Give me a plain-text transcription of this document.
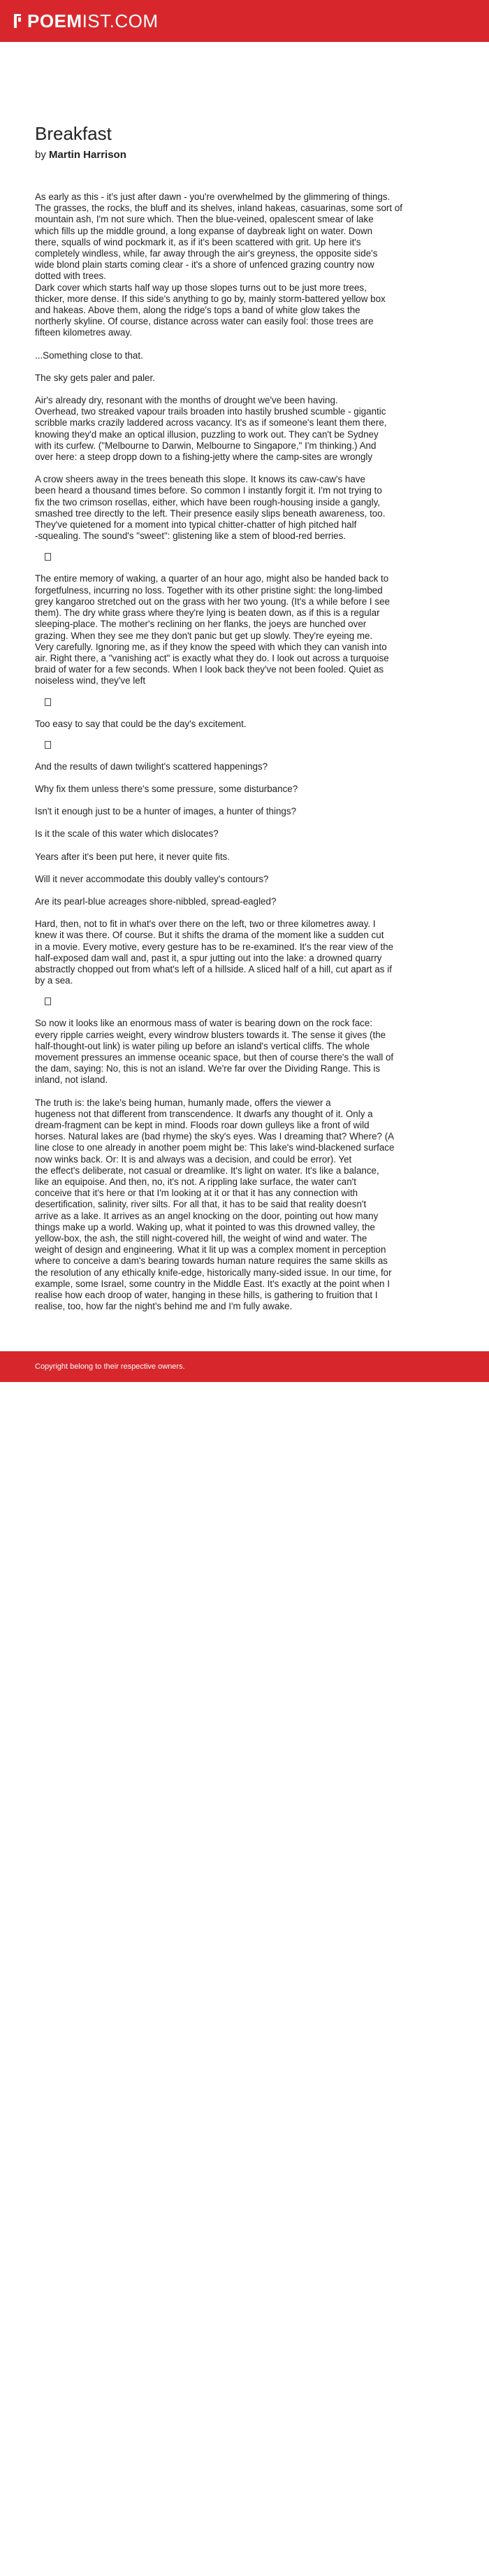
POEM IST.COM
Breakfast
by Martin Harrison
As early as this - it's just after dawn - you're overwhelmed by the glimmering of things.
The grasses, the rocks, the bluff and its shelves, inland hakeas, casuarinas, some sort of
mountain ash, I'm not sure which. Then the blue-veined, opalescent smear of lake
which fills up the middle ground, a long expanse of daybreak light on water. Down
there, squalls of wind pockmark it, as if it's been scattered with grit. Up here it's
completely windless, while, far away through the air's greyness, the opposite side's
wide blond plain starts coming clear - it's a shore of unfenced grazing country now
dotted with trees.
Dark cover which starts half way up those slopes turns out to be just more trees,
thicker, more dense. If this side's anything to go by, mainly storm-battered yellow box
and hakeas. Above them, along the ridge's tops a band of white glow takes the
northerly skyline. Of course, distance across water can easily fool: those trees are
fifteen kilometres away.
...Something close to that.
The sky gets paler and paler.
Air's already dry, resonant with the months of drought we've been having.
Overhead, two streaked vapour trails broaden into hastily brushed scumble - gigantic
scribble marks crazily laddered across vacancy. It's as if someone's leant them there,
knowing they'd make an optical illusion, puzzling to work out. They can't be Sydney
with its curfew. ("Melbourne to Darwin, Melbourne to Singapore," I'm thinking.) And
over here: a steep dropp down to a fishing-jetty where the camp-sites are wrongly
A crow sheers away in the trees beneath this slope. It knows its caw-caw's have
been heard a thousand times before. So common I instantly forgit it. I'm not trying to
fix the two crimson rosellas, either, which have been rough-housing inside a gangly,
smashed tree directly to the left. Their presence easily slips beneath awareness, too.
They've quietened for a moment into typical chitter-chatter of high pitched half
-squealing. The sound's "sweet": glistening like a stem of blood-red berries.
The entire memory of waking, a quarter of an hour ago, might also be handed back to
forgetfulness, incurring no loss. Together with its other pristine sight: the long-limbed
grey kangaroo stretched out on the grass with her two young. (It's a while before I see
them). The dry white grass where they're lying is beaten down, as if this is a regular
sleeping-place. The mother's reclining on her flanks, the joeys are hunched over
grazing. When they see me they don't panic but get up slowly. They're eyeing me.
Very carefully. Ignoring me, as if they know the speed with which they can vanish into
air. Right there, a "vanishing act" is exactly what they do. I look out across a turquoise
braid of water for a few seconds. When I look back they've not been fooled. Quiet as
noiseless wind, they've left
Too easy to say that could be the day's excitement.
And the results of dawn twilight's scattered happenings?
Why fix them unless there's some pressure, some disturbance?
Isn't it enough just to be a hunter of images, a hunter of things?
Is it the scale of this water which dislocates?
Years after it's been put here, it never quite fits.
Will it never accommodate this doubly valley's contours?
Are its pearl-blue acreages shore-nibbled, spread-eagled?
Hard, then, not to fit in what's over there on the left, two or three kilometres away. I
knew it was there. Of course. But it shifts the drama of the moment like a sudden cut
in a movie. Every motive, every gesture has to be re-examined. It's the rear view of the
half-exposed dam wall and, past it, a spur jutting out into the lake: a drowned quarry
abstractly chopped out from what's left of a hillside. A sliced half of a hill, cut apart as if
by a sea.
So now it looks like an enormous mass of water is bearing down on the rock face:
every ripple carries weight, every windrow blusters towards it. The sense it gives (the
half-thought-out link) is water piling up before an island's vertical cliffs. The whole
movement pressures an immense oceanic space, but then of course there's the wall of
the dam, saying: No, this is not an island. We're far over the Dividing Range. This is
inland, not island.
The truth is: the lake's being human, humanly made, offers the viewer a
hugeness not that different from transcendence. It dwarfs any thought of it. Only a
dream-fragment can be kept in mind. Floods roar down gulleys like a front of wild
horses. Natural lakes are (bad rhyme) the sky's eyes. Was I dreaming that? Where? (A
line close to one already in another poem might be: This lake's wind-blackened surface
now winks back. Or: It is and always was a decision, and could be error). Yet
the effect's deliberate, not casual or dreamlike. It's light on water. It's like a balance,
like an equipoise. And then, no, it's not. A rippling lake surface, the water can't
conceive that it's here or that I'm looking at it or that it has any connection with
desertification, salinity, river silts. For all that, it has to be said that reality doesn't
arrive as a lake. It arrives as an angel knocking on the door, pointing out how many
things make up a world. Waking up, what it pointed to was this drowned valley, the
yellow-box, the ash, the still night-covered hill, the weight of wind and water. The
weight of design and engineering. What it lit up was a complex moment in perception
where to conceive a dam's bearing towards human nature requires the same skills as
the resolution of any ethically knife-edge, historically many-sided issue. In our time, for
example, some Israel, some country in the Middle East. It's exactly at the point when I
realise how each droop of water, hanging in these hills, is gathering to fruition that I
realise, too, how far the night's behind me and I'm fully awake.
Copyright belong to their respective owners.
